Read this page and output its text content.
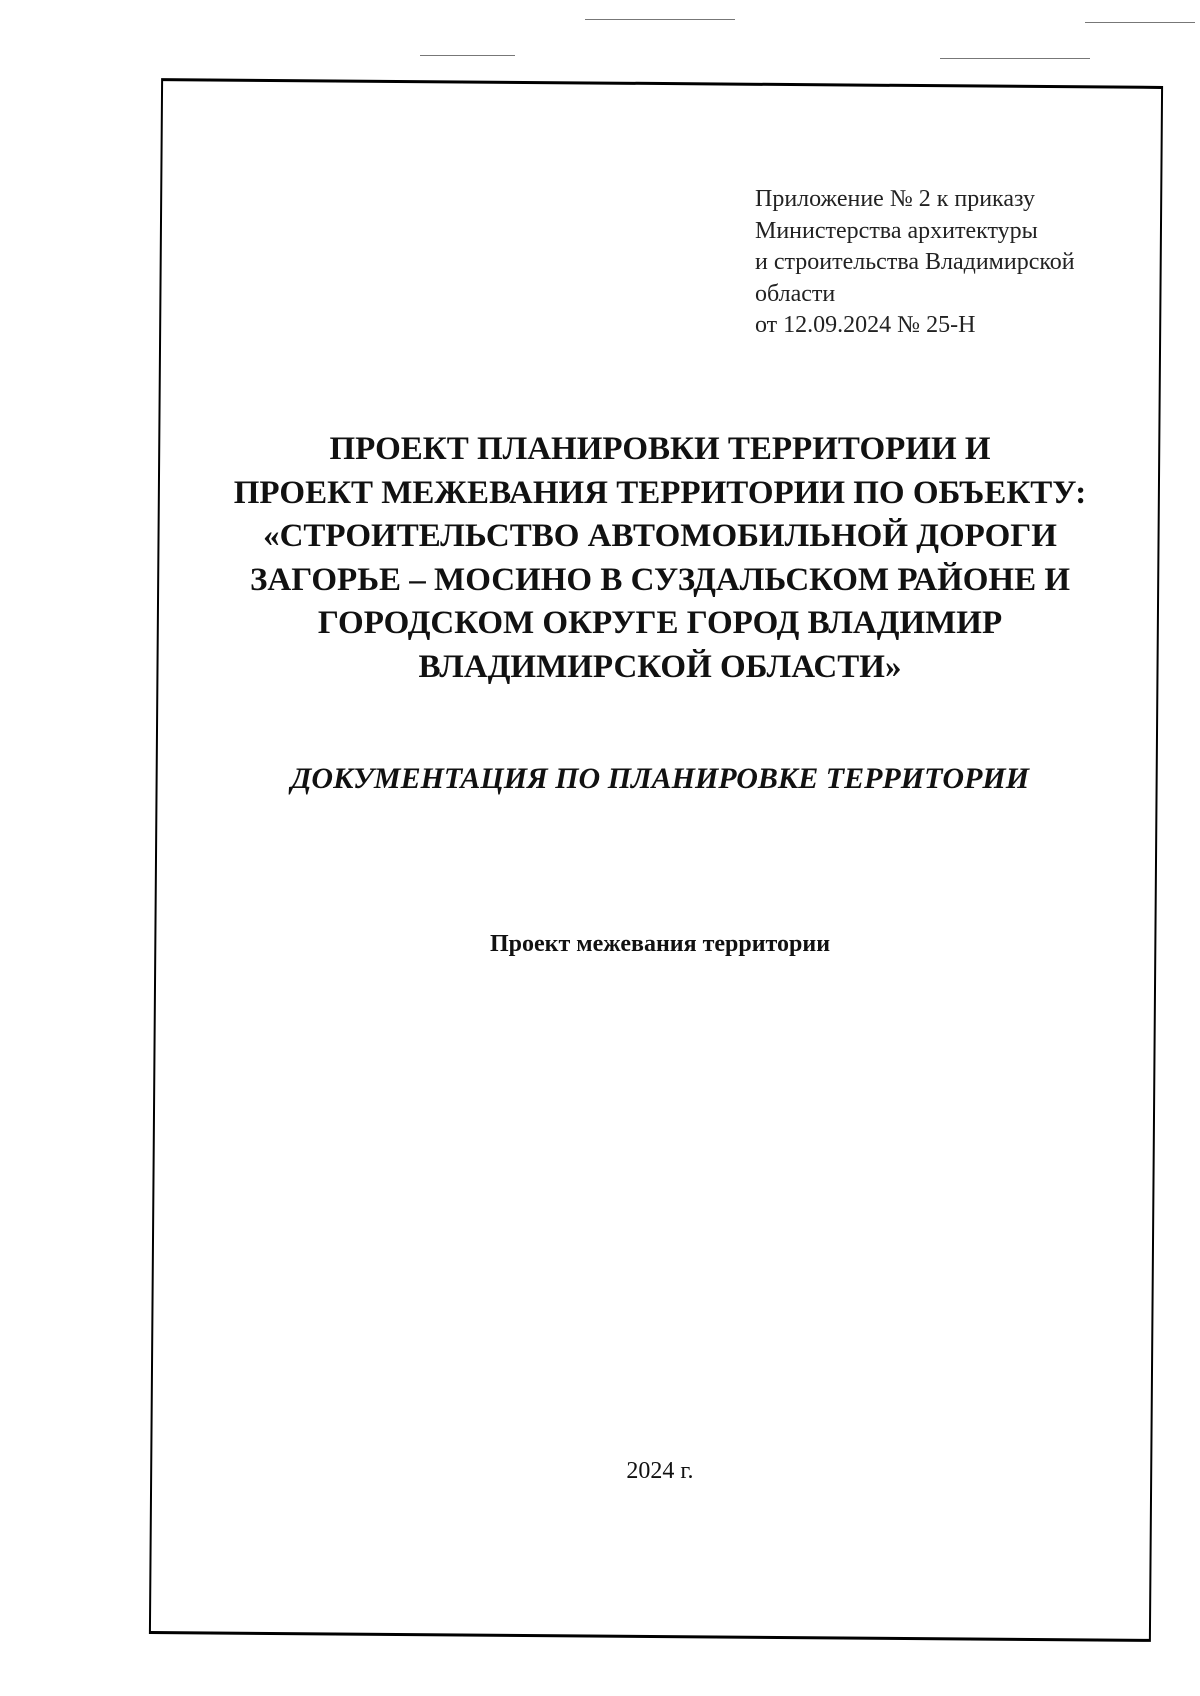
Приложение № 2 к приказу
Министерства архитектуры
и строительства Владимирской
области
от 12.09.2024 № 25-Н
ПРОЕКТ ПЛАНИРОВКИ ТЕРРИТОРИИ И
ПРОЕКТ МЕЖЕВАНИЯ ТЕРРИТОРИИ ПО ОБЪЕКТУ:
«СТРОИТЕЛЬСТВО АВТОМОБИЛЬНОЙ ДОРОГИ
ЗАГОРЬЕ – МОСИНО В СУЗДАЛЬСКОМ РАЙОНЕ И
ГОРОДСКОМ ОКРУГЕ ГОРОД ВЛАДИМИР
ВЛАДИМИРСКОЙ ОБЛАСТИ»
ДОКУМЕНТАЦИЯ ПО ПЛАНИРОВКЕ ТЕРРИТОРИИ
Проект межевания территории
2024 г.
